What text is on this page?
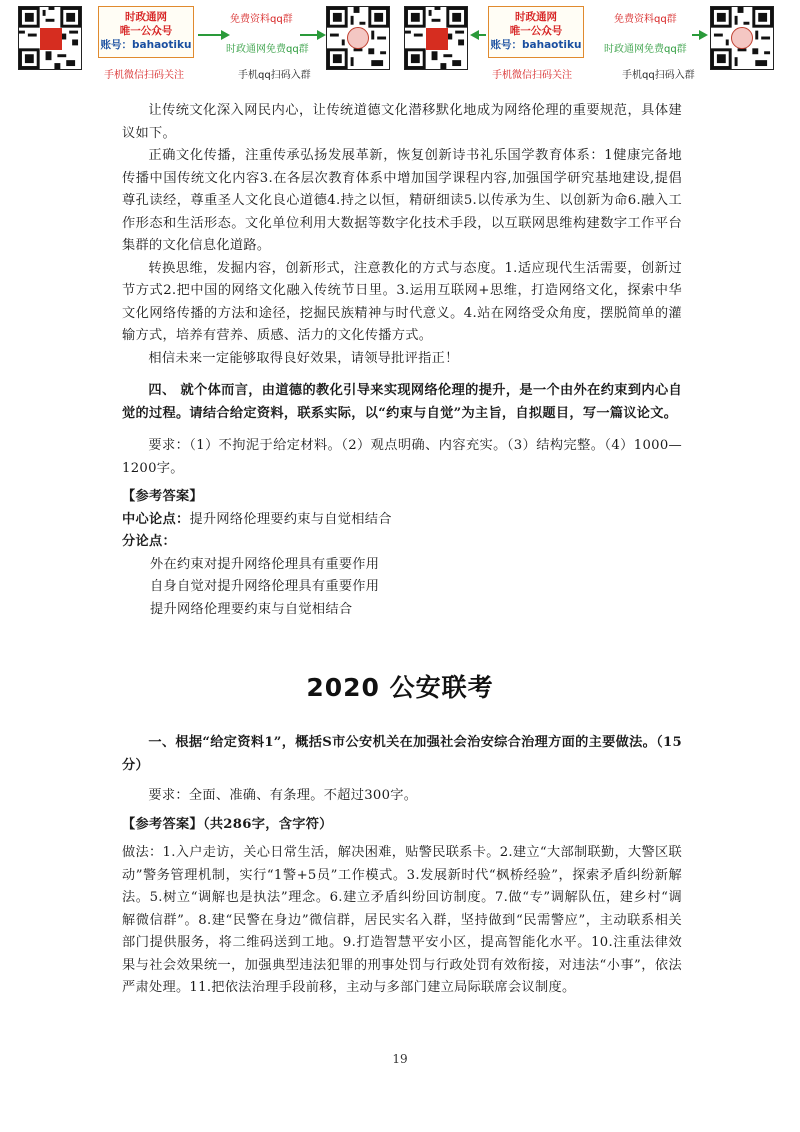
时政通网
唯一公众号
账号：bahaotiku
手机微信扫码关注
免费资料qq群
时政通网免费qq群
手机qq扫码入群
时政通网
唯一公众号
账号：bahaotiku
手机微信扫码关注
免费资料qq群
时政通网免费qq群
手机qq扫码入群

让传统文化深入网民内心，让传统道德文化潜移默化地成为网络伦理的重要规范，具体建议如下。

正确文化传播，注重传承弘扬发展革新，恢复创新诗书礼乐国学教育体系：1健康完备地传播中国传统文化内容3.在各层次教育体系中增加国学课程内容,加强国学研究基地建设,提倡尊孔读经，尊重圣人文化良心道德4.持之以恒，精研细读5.以传承为生、以创新为命6.融入工作形态和生活形态。文化单位利用大数据等数字化技术手段，以互联网思维构建数字工作平台集群的文化信息化道路。

转换思维，发掘内容，创新形式，注意教化的方式与态度。1.适应现代生活需要，创新过节方式2.把中国的网络文化融入传统节日里。3.运用互联网+思维，打造网络文化，探索中华文化网络传播的方法和途径，挖掘民族精神与时代意义。4.站在网络受众角度，摆脱简单的灌输方式，培养有营养、质感、活力的文化传播方式。

相信未来一定能够取得良好效果，请领导批评指正！

四、 就个体而言，由道德的教化引导来实现网络伦理的提升，是一个由外在约束到内心自觉的过程。请结合给定资料，联系实际，以“约束与自觉”为主旨，自拟题目，写一篇议论文。

要求：（1）不拘泥于给定材料。（2）观点明确、内容充实。（3）结构完整。（4）1000—1200字。

【参考答案】

中心论点：提升网络伦理要约束与自觉相结合

分论点：

外在约束对提升网络伦理具有重要作用

自身自觉对提升网络伦理具有重要作用

提升网络伦理要约束与自觉相结合

2020 公安联考

一、根据“给定资料1”，概括S市公安机关在加强社会治安综合治理方面的主要做法。（15分）

要求：全面、准确、有条理。不超过300字。

【参考答案】（共286字，含字符）

做法：1.入户走访，关心日常生活，解决困难，贴警民联系卡。2.建立“大部制联勤，大警区联动”警务管理机制，实行“1警+5员”工作模式。3.发展新时代“枫桥经验”，探索矛盾纠纷新解法。5.树立“调解也是执法”理念。6.建立矛盾纠纷回访制度。7.做“专”调解队伍，建乡村“调解微信群”。8.建“民警在身边”微信群，居民实名入群，坚持做到“民需警应”，主动联系相关部门提供服务，将二维码送到工地。9.打造智慧平安小区，提高智能化水平。10.注重法律效果与社会效果统一，加强典型违法犯罪的刑事处罚与行政处罚有效衔接，对违法“小事”，依法严肃处理。11.把依法治理手段前移，主动与多部门建立局际联席会议制度。

19
